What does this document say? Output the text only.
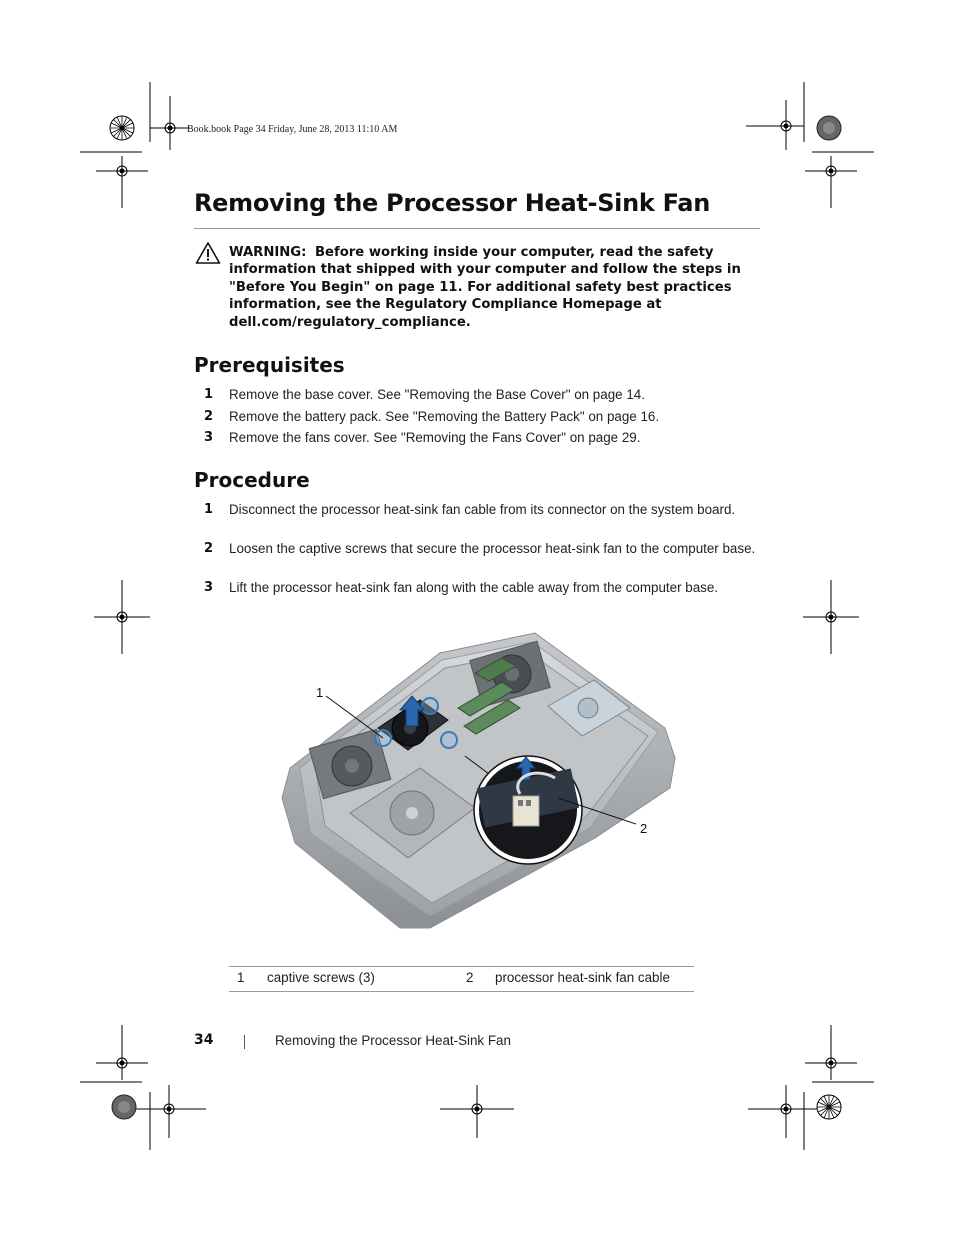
Book.book Page 34 Friday, June 28, 2013 11:10 AM
Removing the Processor Heat-Sink Fan
WARNING: Before working inside your computer, read the safety information that shipped with your computer and follow the steps in "Before You Begin" on page 11. For additional safety best practices information, see the Regulatory Compliance Homepage at dell.com/regulatory_compliance.
Prerequisites
1 Remove the base cover. See "Removing the Base Cover" on page 14.
2 Remove the battery pack. See "Removing the Battery Pack" on page 16.
3 Remove the fans cover. See "Removing the Fans Cover" on page 29.
Procedure
1 Disconnect the processor heat-sink fan cable from its connector on the system board.
2 Loosen the captive screws that secure the processor heat-sink fan to the computer base.
3 Lift the processor heat-sink fan along with the cable away from the computer base.
1
2
1 captive screws (3)	2 processor heat-sink fan cable
34	Removing the Processor Heat-Sink Fan
